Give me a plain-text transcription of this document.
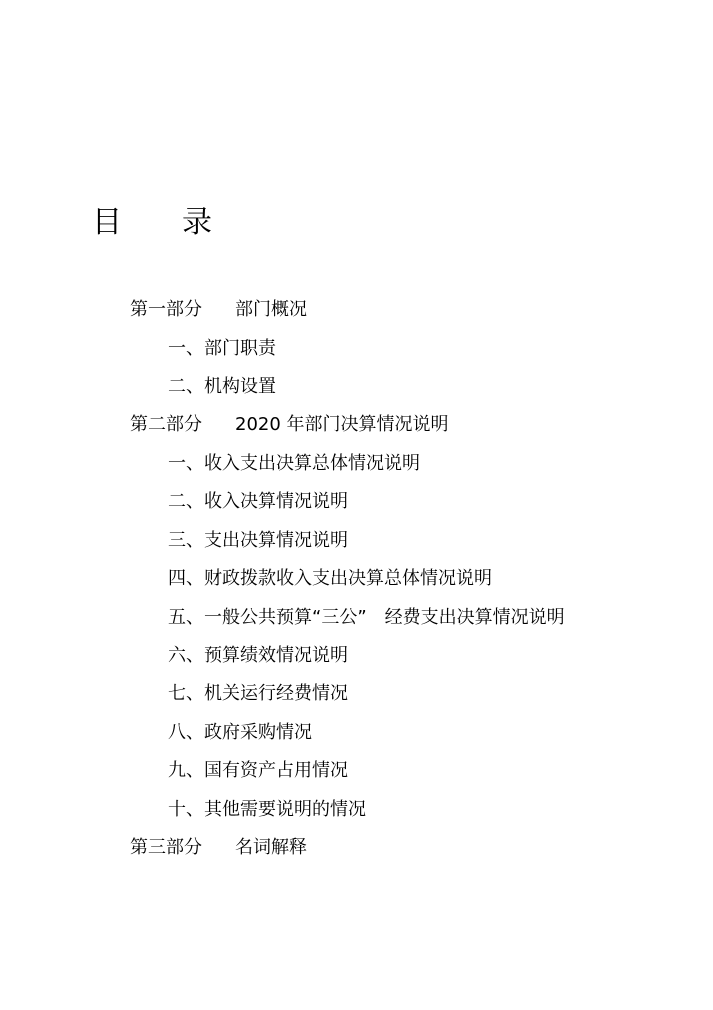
目　　录
第一部分	部门概况
一、部门职责
二、机构设置
第二部分	2020 年部门决算情况说明
一、收入支出决算总体情况说明
二、收入决算情况说明
三、支出决算情况说明
四、财政拨款收入支出决算总体情况说明
五、一般公共预算“三公”　经费支出决算情况说明
六、预算绩效情况说明
七、机关运行经费情况
八、政府采购情况
九、国有资产占用情况
十、其他需要说明的情况
第三部分	名词解释
